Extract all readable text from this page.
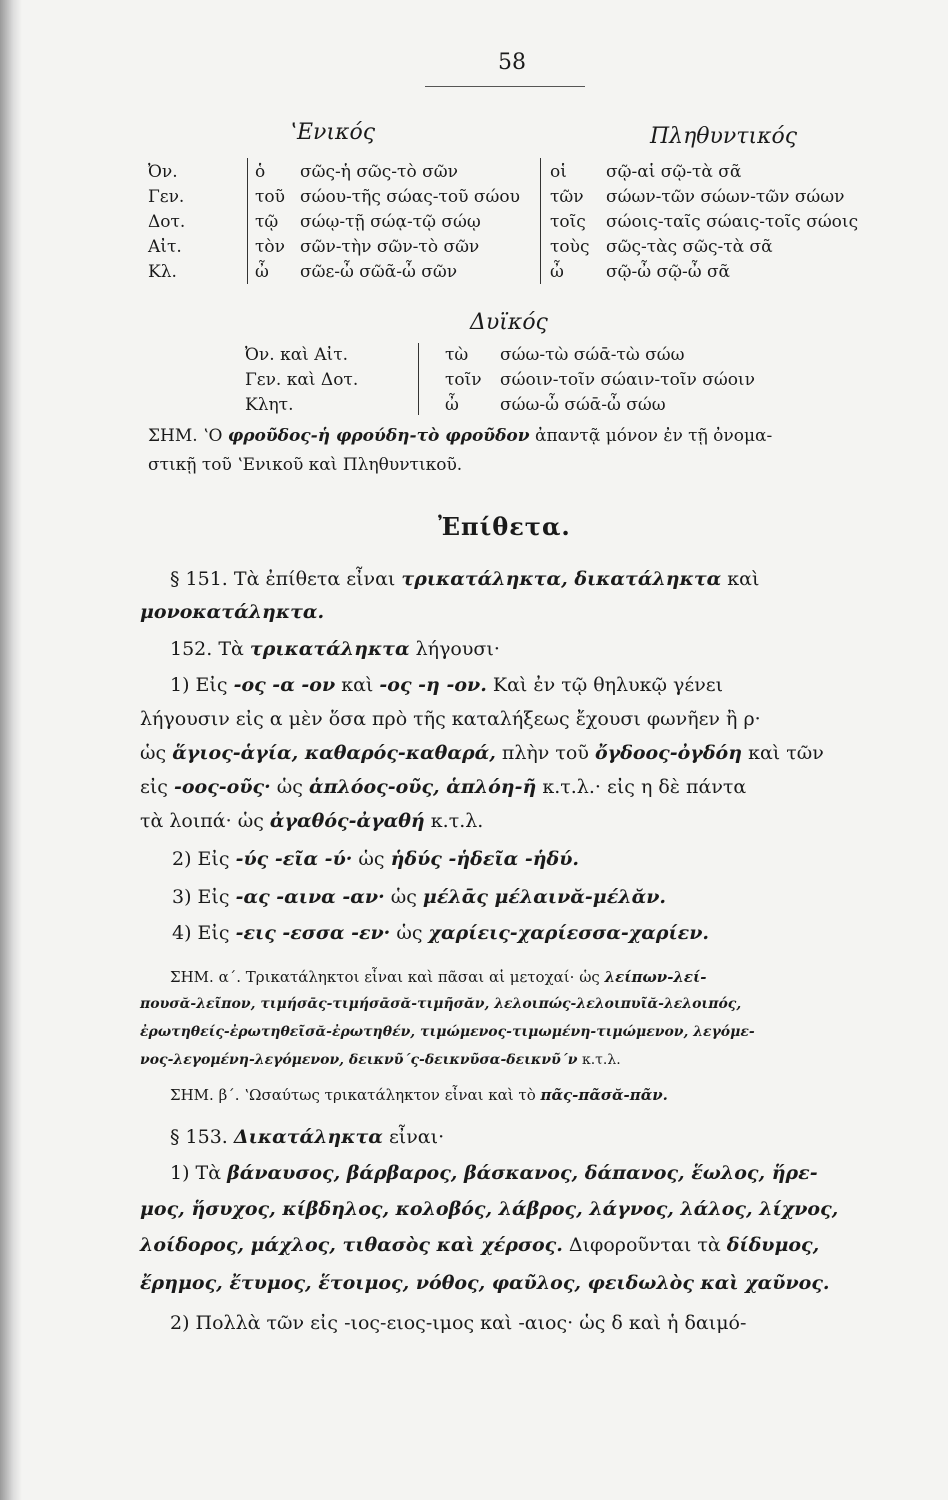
58
ʽΕνικός	Πληθυντικός
Ὀν.
Γεν.
Δοτ.
Αἰτ.
Κλ.
ὁ
τοῦ
τῷ
τὸν
ὦ
σῶς-ἡ σῶς-τὸ σῶν
σώου-τῆς σώας-τοῦ σώου
σώῳ-τῇ σώᾳ-τῷ σώῳ
σῶν-τὴν σῶν-τὸ σῶν
σῶε-ὦ σῶᾶ-ὦ σῶν
οἱ
τῶν
τοῖς
τοὺς
ὦ
σῷ-αἱ σῷ-τὰ σᾶ
σώων-τῶν σώων-τῶν σώων
σώοις-ταῖς σώαις-τοῖς σώοις
σῶς-τὰς σῶς-τὰ σᾶ
σῷ-ὦ σῷ-ὦ σᾶ
Δυϊκός
Ὀν. καὶ Αἰτ.
Γεν. καὶ Δοτ.
Κλητ.
τὼ
τοῖν
ὦ
σώω-τὼ σώᾱ-τὼ σώω
σώοιν-τοῖν σώαιν-τοῖν σώοιν
σώω-ὦ σώᾱ-ὦ σώω
ΣΗΜ. ʽΟ φροῦδος-ἡ φρούδη-τὸ φροῦδον ἀπαντᾷ μόνον ἐν τῇ ὀνομα-
στικῇ τοῦ ʽΕνικοῦ καὶ Πληθυντικοῦ.
Ἐπίθετα.
§ 151. Τὰ ἐπίθετα εἶναι τρικατάληκτα, δικατάληκτα καὶ
μονοκατάληκτα.
152. Τὰ τρικατάληκτα λήγουσι·
1) Εἰς -ος -α -ον καὶ -ος -η -ον. Καὶ ἐν τῷ θηλυκῷ γένει
λήγουσιν εἰς α μὲν ὅσα πρὸ τῆς καταλήξεως ἔχουσι φωνῆεν ἢ ρ·
ὡς ἅγιος-ἁγία, καθαρός-καθαρά, πλὴν τοῦ ὄγδοος-ὀγδόη καὶ τῶν
εἰς -οος-οῦς· ὡς ἁπλόος-οῦς, ἁπλόη-ῆ κ.τ.λ.· εἰς η δὲ πάντα
τὰ λοιπά· ὡς ἀγαθός-ἀγαθή κ.τ.λ.
2) Εἰς -ύς -εῖα -ύ· ὡς ἡδύς -ἡδεῖα -ἡδύ.
3) Εἰς -ας -αινα -αν· ὡς μέλᾱς μέλαινᾰ-μέλᾰν.
4) Εἰς -εις -εσσα -εν· ὡς χαρίεις-χαρίεσσα-χαρίεν.
ΣΗΜ. α΄. Τρικατάληκτοι εἶναι καὶ πᾶσαι αἱ μετοχαί· ὡς λείπων-λεί-
πουσᾰ-λεῖπον, τιμήσᾱς-τιμήσᾱσᾰ-τιμῆσᾰν, λελοιπώς-λελοιπυῖᾰ-λελοιπός,
ἐρωτηθείς-ἐρωτηθεῖσᾰ-ἐρωτηθέν, τιμώμενος-τιμωμένη-τιμώμενον, λεγόμε-
νος-λεγομένη-λεγόμενον, δεικνῦ΄ς-δεικνῦσα-δεικνῦ΄ν κ.τ.λ.
ΣΗΜ. β΄. ʽΩσαύτως τρικατάληκτον εἶναι καὶ τὸ πᾶς-πᾶσᾰ-πᾶν.
§ 153. Δικατάληκτα εἶναι·
1) Τὰ βάναυσος, βάρβαρος, βάσκανος, δάπανος, ἕωλος, ἥρε-
μος, ἥσυχος, κίβδηλος, κολοβός, λάβρος, λάγνος, λάλος, λίχνος,
λοίδορος, μάχλος, τιθασὸς καὶ χέρσος. Διφοροῦνται τὰ δίδυμος,
ἔρημος, ἔτυμος, ἕτοιμος, νόθος, φαῦλος, φειδωλὸς καὶ χαῦνος.
2) Πολλὰ τῶν εἰς -ιος-ειος-ιμος καὶ -αιος· ὡς δ καὶ ἡ δαιμό-
